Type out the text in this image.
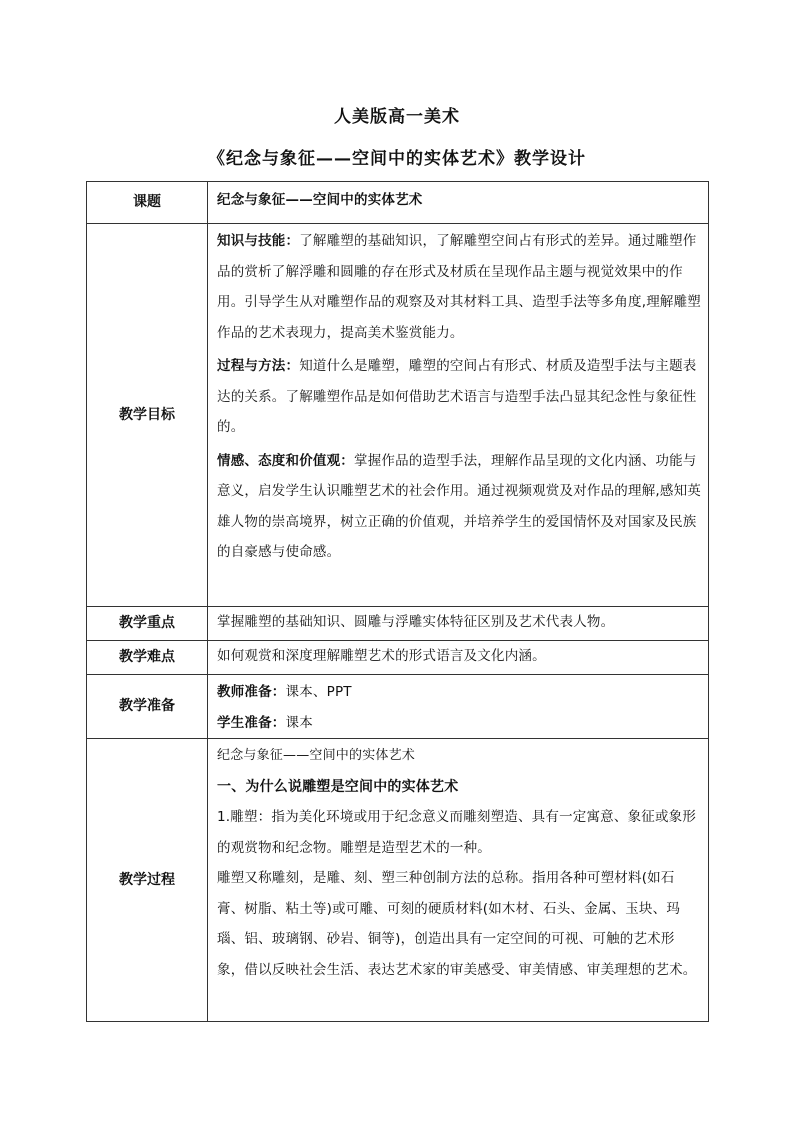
人美版高一美术
《纪念与象征——空间中的实体艺术》教学设计
课题	纪念与象征——空间中的实体艺术
教学目标	知识与技能：了解雕塑的基础知识，了解雕塑空间占有形式的差异。通过雕塑作品的赏析了解浮雕和圆雕的存在形式及材质在呈现作品主题与视觉效果中的作用。引导学生从对雕塑作品的观察及对其材料工具、造型手法等多角度,理解雕塑作品的艺术表现力，提高美术鉴赏能力。

过程与方法：知道什么是雕塑，雕塑的空间占有形式、材质及造型手法与主题表达的关系。了解雕塑作品是如何借助艺术语言与造型手法凸显其纪念性与象征性的。

情感、态度和价值观：掌握作品的造型手法，理解作品呈现的文化内涵、功能与意义，启发学生认识雕塑艺术的社会作用。通过视频观赏及对作品的理解,感知英雄人物的崇高境界，树立正确的价值观，并培养学生的爱国情怀及对国家及民族的自豪感与使命感。

教学重点	掌握雕塑的基础知识、圆雕与浮雕实体特征区别及艺术代表人物。
教学难点	如何观赏和深度理解雕塑艺术的形式语言及文化内涵。
教学准备	教师准备：课本、PPT

学生准备：课本

教学过程	纪念与象征——空间中的实体艺术

一、为什么说雕塑是空间中的实体艺术

1.雕塑：指为美化环境或用于纪念意义而雕刻塑造、具有一定寓意、象征或象形的观赏物和纪念物。雕塑是造型艺术的一种。

雕塑又称雕刻，是雕、刻、塑三种创制方法的总称。指用各种可塑材料(如石膏、树脂、粘土等)或可雕、可刻的硬质材料(如木材、石头、金属、玉块、玛瑙、铝、玻璃钢、砂岩、铜等)，创造出具有一定空间的可视、可触的艺术形象，借以反映社会生活、表达艺术家的审美感受、审美情感、审美理想的艺术。
